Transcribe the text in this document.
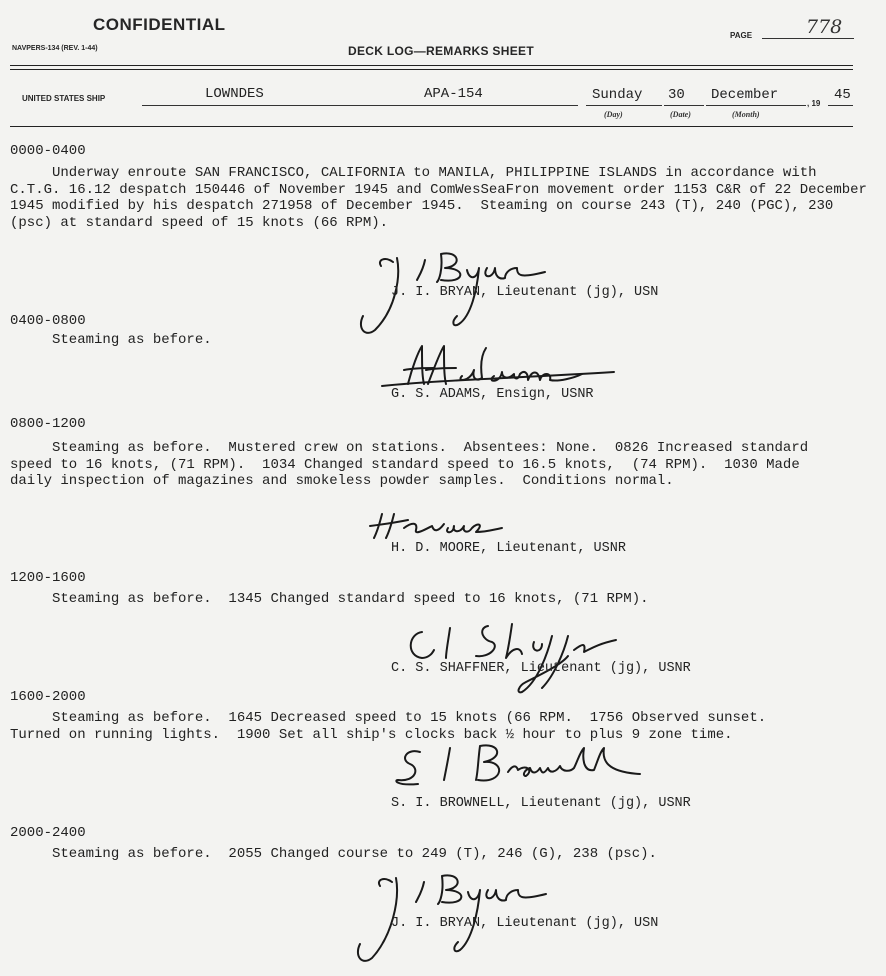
CONFIDENTIAL
NAVPERS-134 (REV. 1-44)	DECK LOG—REMARKS SHEET
PAGE	778
UNITED STATES SHIP	LOWNDES	APA-154	Sunday
(Day)
30
(Date)
December
(Month)
, 19
45
0000-0400
Underway enroute SAN FRANCISCO, CALIFORNIA to MANILA, PHILIPPINE ISLANDS in accordance with
C.T.G. 16.12 despatch 150446 of November 1945 and ComWesSeaFron movement order 1153 C&R of 22 December
1945 modified by his despatch 271958 of December 1945.  Steaming on course 243 (T), 240 (PGC), 230
(psc) at standard speed of 15 knots (66 RPM).
J. I. BRYAN, Lieutenant (jg), USN
0400-0800
Steaming as before.
G. S. ADAMS, Ensign, USNR
0800-1200
Steaming as before.  Mustered crew on stations.  Absentees: None.  0826 Increased standard
speed to 16 knots, (71 RPM).  1034 Changed standard speed to 16.5 knots,  (74 RPM).  1030 Made
daily inspection of magazines and smokeless powder samples.  Conditions normal.
H. D. MOORE, Lieutenant, USNR
1200-1600
Steaming as before.  1345 Changed standard speed to 16 knots, (71 RPM).
C. S. SHAFFNER, Lieutenant (jg), USNR
1600-2000
Steaming as before.  1645 Decreased speed to 15 knots (66 RPM.  1756 Observed sunset.
Turned on running lights.  1900 Set all ship's clocks back ½ hour to plus 9 zone time.
S. I. BROWNELL, Lieutenant (jg), USNR
2000-2400
Steaming as before.  2055 Changed course to 249 (T), 246 (G), 238 (psc).
J. I. BRYAN, Lieutenant (jg), USN
